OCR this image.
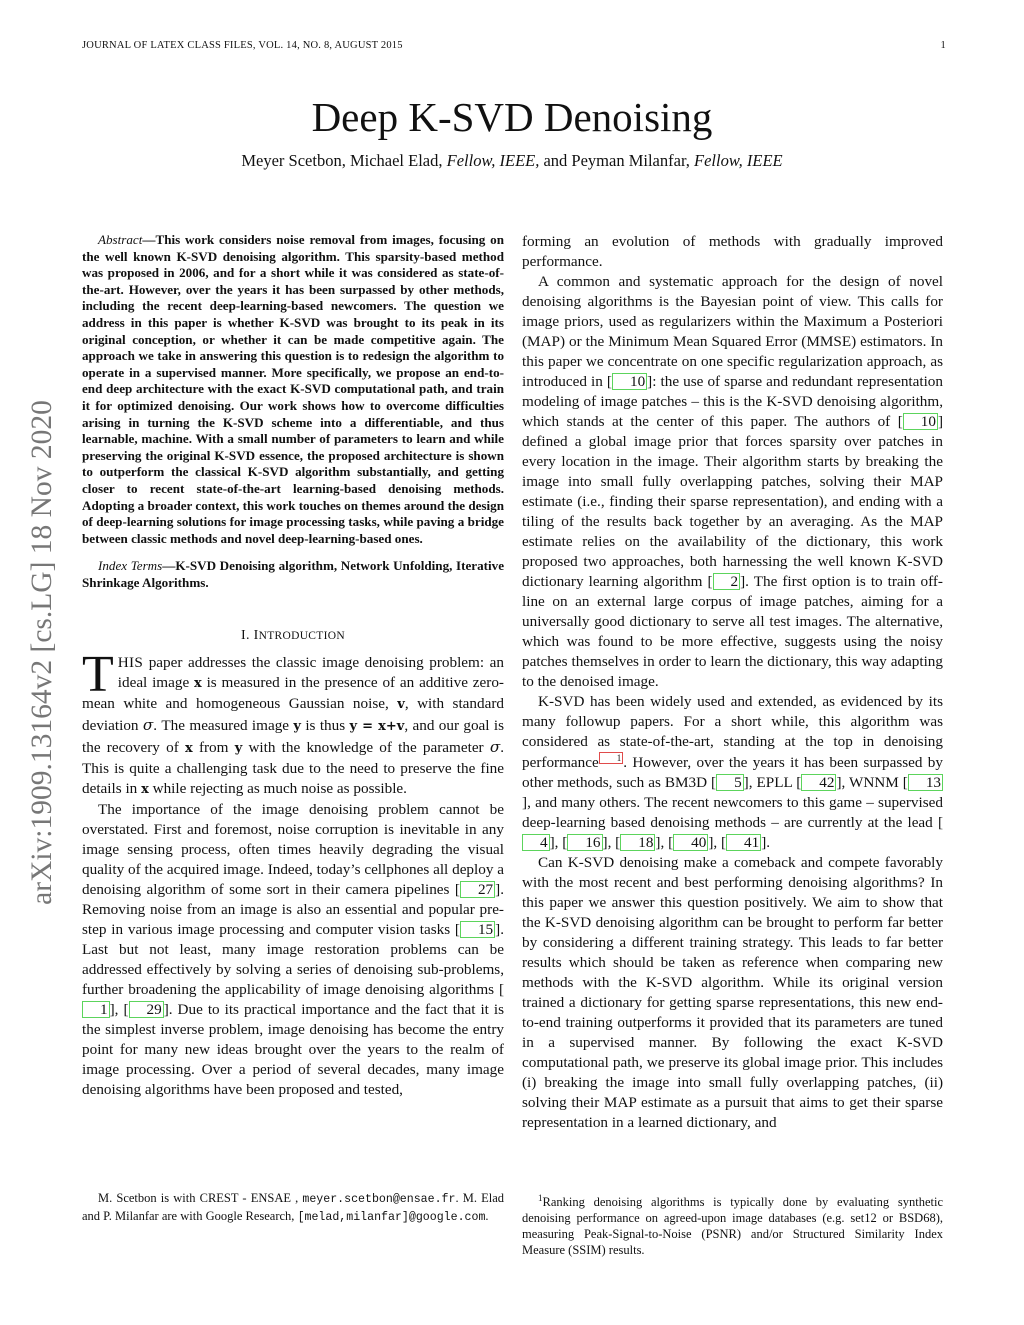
JOURNAL OF LATEX CLASS FILES, VOL. 14, NO. 8, AUGUST 2015	1
arXiv:1909.13164v2 [cs.LG] 18 Nov 2020
Deep K-SVD Denoising
Meyer Scetbon, Michael Elad, Fellow, IEEE, and Peyman Milanfar, Fellow, IEEE

Abstract—This work considers noise removal from images, focusing on the well known K-SVD denoising algorithm. This sparsity-based method was proposed in 2006, and for a short while it was considered as state-of-the-art. However, over the years it has been surpassed by other methods, including the recent deep-learning-based newcomers. The question we address in this paper is whether K-SVD was brought to its peak in its original conception, or whether it can be made competitive again. The approach we take in answering this question is to redesign the algorithm to operate in a supervised manner. More specifically, we propose an end-to-end deep architecture with the exact K-SVD computational path, and train it for optimized denoising. Our work shows how to overcome difficulties arising in turning the K-SVD scheme into a differentiable, and thus learnable, machine. With a small number of parameters to learn and while preserving the original K-SVD essence, the proposed architecture is shown to outperform the classical K-SVD algorithm substantially, and getting closer to recent state-of-the-art learning-based denoising methods. Adopting a broader context, this work touches on themes around the design of deep-learning solutions for image processing tasks, while paving a bridge between classic methods and novel deep-learning-based ones.

Index Terms—K-SVD Denoising algorithm, Network Unfolding, Iterative Shrinkage Algorithms.

I. INTRODUCTION

THIS paper addresses the classic image denoising problem: an ideal image x is measured in the presence of an additive zero-mean white and homogeneous Gaussian noise, v, with standard deviation σ. The measured image y is thus y = x+v, and our goal is the recovery of x from y with the knowledge of the parameter σ. This is quite a challenging task due to the need to preserve the fine details in x while rejecting as much noise as possible.

The importance of the image denoising problem cannot be overstated. First and foremost, noise corruption is inevitable in any image sensing process, often times heavily degrading the visual quality of the acquired image. Indeed, today’s cellphones all deploy a denoising algorithm of some sort in their camera pipelines [ 27 ]. Removing noise from an image is also an essential and popular pre-step in various image processing and computer vision tasks [ 15 ]. Last but not least, many image restoration problems can be addressed effectively by solving a series of denoising sub-problems, further broadening the applicability of image denoising algorithms [1 ], [ 29 ]. Due to its practical importance and the fact that it is the simplest inverse problem, image denoising has become the entry point for many new ideas brought over the years to the realm of image processing. Over a period of several decades, many image denoising algorithms have been proposed and tested,

forming an evolution of methods with gradually improved performance.

A common and systematic approach for the design of novel denoising algorithms is the Bayesian point of view. This calls for image priors, used as regularizers within the Maximum a Posteriori (MAP) or the Minimum Mean Squared Error (MMSE) estimators. In this paper we concentrate on one specific regularization approach, as introduced in [ 10 ]: the use of sparse and redundant representation modeling of image patches – this is the K-SVD denoising algorithm, which stands at the center of this paper. The authors of [ 10 ] defined a global image prior that forces sparsity over patches in every location in the image. Their algorithm starts by breaking the image into small fully overlapping patches, solving their MAP estimate (i.e., finding their sparse representation), and ending with a tiling of the results back together by an averaging. As the MAP estimate relies on the availability of the dictionary, this work proposed two approaches, both harnessing the well known K-SVD dictionary learning algorithm [ 2 ]. The first option is to train off-line on an external large corpus of image patches, aiming for a universally good dictionary to serve all test images. The alternative, which was found to be more effective, suggests using the noisy patches themselves in order to learn the dictionary, this way adapting to the denoised image.

K-SVD has been widely used and extended, as evidenced by its many followup papers. For a short while, this algorithm was considered as state-of-the-art, standing at the top in denoising performance 1 . However, over the years it has been surpassed by other methods, such as BM3D [ 5 ], EPLL [ 42 ], WNNM [ 13], and many others. The recent newcomers to this game – supervised deep-learning based denoising methods – are currently at the lead [4 ], [ 16 ], [ 18 ], [ 40 ], [ 41 ].

Can K-SVD denoising make a comeback and compete favorably with the most recent and best performing denoising algorithms? In this paper we answer this question positively. We aim to show that the K-SVD denoising algorithm can be brought to perform far better by considering a different training strategy. This leads to far better results which should be taken as reference when comparing new methods with the K-SVD algorithm. While its original version trained a dictionary for getting sparse representations, this new end-to-end training outperforms it provided that its parameters are tuned in a supervised manner. By following the exact K-SVD computational path, we preserve its global image prior. This includes (i) breaking the image into small fully overlapping patches, (ii) solving their MAP estimate as a pursuit that aims to get their sparse representation in a learned dictionary, and

M. Scetbon is with CREST - ENSAE , meyer.scetbon@ensae.fr. M. Elad and P. Milanfar are with Google Research, [melad,milanfar]@google.com.

$^1$Ranking denoising algorithms is typically done by evaluating synthetic denoising performance on agreed-upon image databases (e.g. set12 or BSD68), measuring Peak-Signal-to-Noise (PSNR) and/or Structured Similarity Index Measure (SSIM) results.
